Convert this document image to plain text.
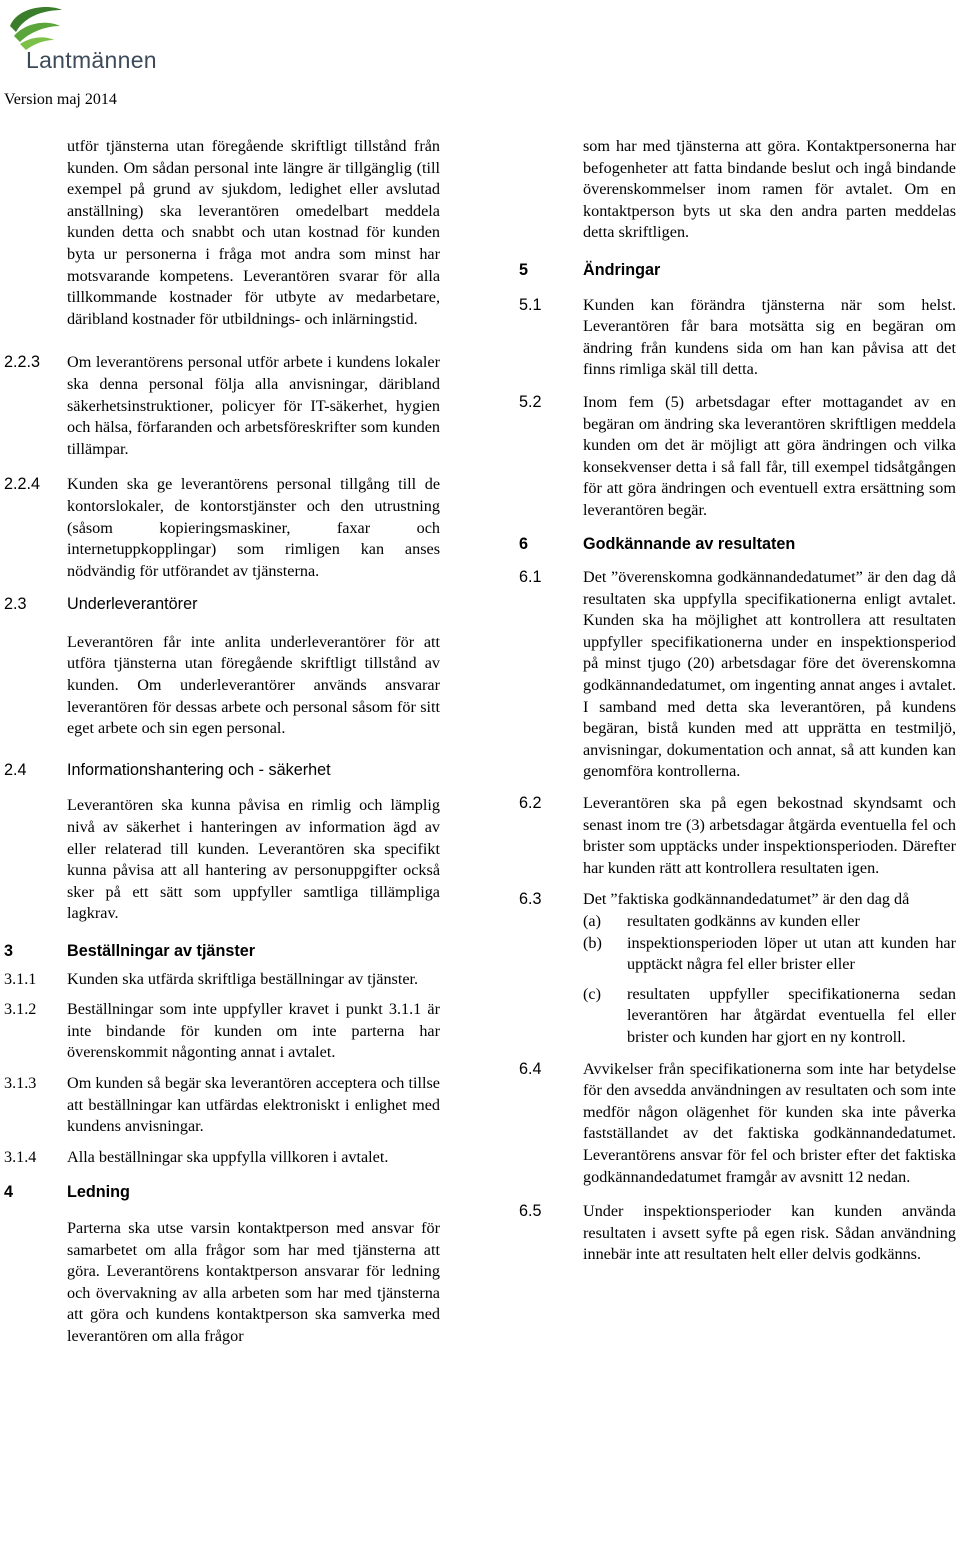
Lantmännen
Version maj 2014

utför tjänsterna utan föregående skriftligt tillstånd från kunden. Om sådan personal inte längre är tillgänglig (till exempel på grund av sjukdom, ledighet eller avslutad anställning) ska leverantören omedelbart meddela kunden detta och snabbt och utan kostnad för kunden byta ur personerna i fråga mot andra som minst har motsvarande kompetens. Leverantören svarar för alla tillkommande kostnader för utbyte av medarbetare, däribland kostnader för utbildnings- och inlärningstid.

2.2.3	Om leverantörens personal utför arbete i kundens lokaler ska denna personal följa alla anvisningar, däribland säkerhetsinstruktioner, policyer för IT-säkerhet, hygien och hälsa, förfaranden och arbetsföreskrifter som kunden tillämpar.
2.2.4	Kunden ska ge leverantörens personal tillgång till de kontorslokaler, de kontorstjänster och den utrustning (såsom kopieringsmaskiner, faxar och internetuppkopplingar) som rimligen kan anses nödvändig för utförandet av tjänsterna.
2.3	Underleverantörer

Leverantören får inte anlita underleverantörer för att utföra tjänsterna utan föregående skriftligt tillstånd av kunden. Om underleverantörer används ansvarar leverantören för dessas arbete och personal såsom för sitt eget arbete och sin egen personal.

2.4	Informationshantering och - säkerhet

Leverantören ska kunna påvisa en rimlig och lämplig nivå av säkerhet i hanteringen av information ägd av eller relaterad till kunden. Leverantören ska specifikt kunna påvisa att all hantering av personuppgifter också sker på ett sätt som uppfyller samtliga tillämpliga lagkrav.

3	Beställningar av tjänster
3.1.1	Kunden ska utfärda skriftliga beställningar av tjänster.
3.1.2	Beställningar som inte uppfyller kravet i punkt 3.1.1 är inte bindande för kunden om inte parterna har överenskommit någonting annat i avtalet.
3.1.3	Om kunden så begär ska leverantören acceptera och tillse att beställningar kan utfärdas elektroniskt i enlighet med kundens anvisningar.
3.1.4	Alla beställningar ska uppfylla villkoren i avtalet.
4	Ledning

Parterna ska utse varsin kontaktperson med ansvar för samarbetet om alla frågor som har med tjänsterna att göra. Leverantörens kontaktperson ansvarar för ledning och övervakning av alla arbeten som har med tjänsterna att göra och kundens kontaktperson ska samverka med leverantören om alla frågor

som har med tjänsterna att göra. Kontaktpersonerna har befogenheter att fatta bindande beslut och ingå bindande överenskommelser inom ramen för avtalet. Om en kontaktperson byts ut ska den andra parten meddelas detta skriftligen.

5	Ändringar
5.1	Kunden kan förändra tjänsterna när som helst. Leverantören får bara motsätta sig en begäran om ändring från kundens sida om han kan påvisa att det finns rimliga skäl till detta.
5.2	Inom fem (5) arbetsdagar efter mottagandet av en begäran om ändring ska leverantören skriftligen meddela kunden om det är möjligt att göra ändringen och vilka konsekvenser detta i så fall får, till exempel tidsåtgången för att göra ändringen och eventuell extra ersättning som leverantören begär.
6	Godkännande av resultaten
6.1	Det ”överenskomna godkännandedatumet” är den dag då resultaten ska uppfylla specifikationerna enligt avtalet. Kunden ska ha möjlighet att kontrollera att resultaten uppfyller specifikationerna under en inspektionsperiod på minst tjugo (20) arbetsdagar före det överenskomna godkännandedatumet, om ingenting annat anges i avtalet. I samband med detta ska leverantören, på kundens begäran, bistå kunden med att upprätta en testmiljö, anvisningar, dokumentation och annat, så att kunden kan genomföra kontrollerna.
6.2	Leverantören ska på egen bekostnad skyndsamt och senast inom tre (3) arbetsdagar åtgärda eventuella fel och brister som upptäcks under inspektionsperioden. Därefter har kunden rätt att kontrollera resultaten igen.
6.3	Det ”faktiska godkännandedatumet” är den dag då
(a)	resultaten godkänns av kunden eller
(b)	inspektionsperioden löper ut utan att kunden har upptäckt några fel eller brister eller
(c)	resultaten uppfyller specifikationerna sedan leverantören har åtgärdat eventuella fel eller brister och kunden har gjort en ny kontroll.
6.4	Avvikelser från specifikationerna som inte har betydelse för den avsedda användningen av resultaten och som inte medför någon olägenhet för kunden ska inte påverka fastställandet av det faktiska godkännandedatumet. Leverantörens ansvar för fel och brister efter det faktiska godkännandedatumet framgår av avsnitt 12 nedan.
6.5	Under inspektionsperioder kan kunden använda resultaten i avsett syfte på egen risk. Sådan användning innebär inte att resultaten helt eller delvis godkänns.
